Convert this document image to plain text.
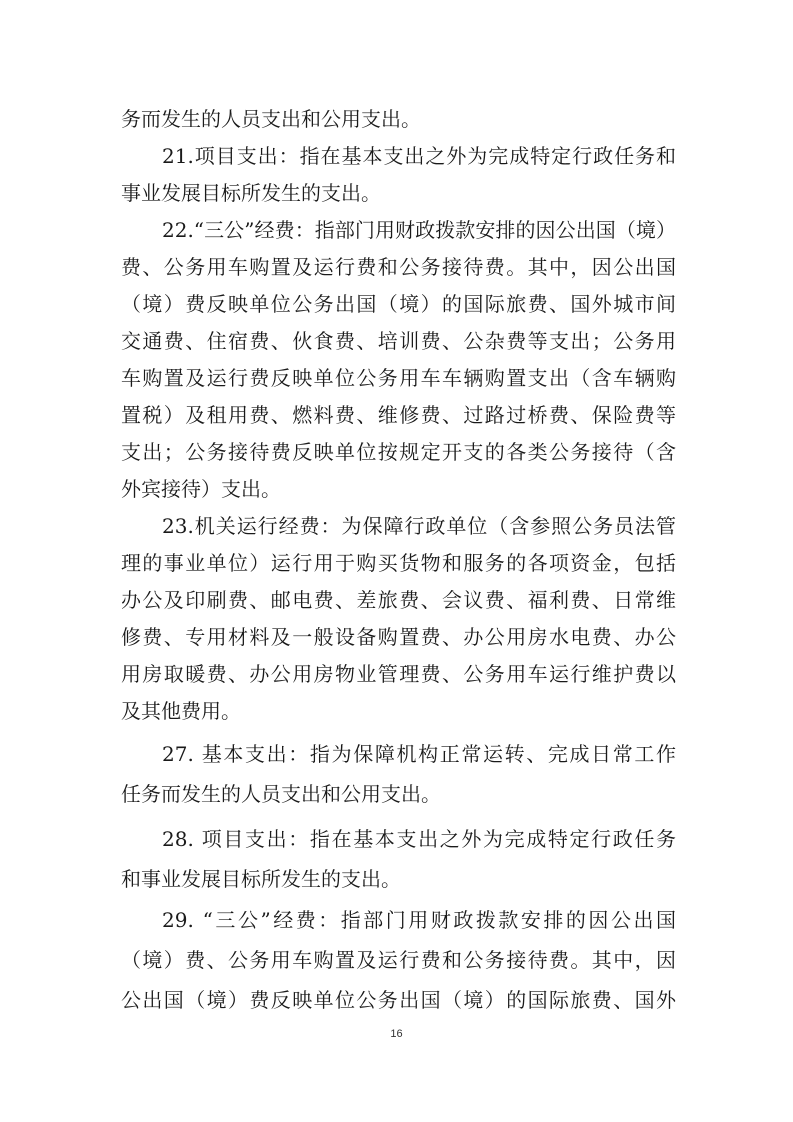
务而发生的人员支出和公用支出。
21.项目支出：指在基本支出之外为完成特定行政任务和
事业发展目标所发生的支出。
22.“三公”经费：指部门用财政拨款安排的因公出国（境）
费、公务用车购置及运行费和公务接待费。其中，因公出国
（境）费反映单位公务出国（境）的国际旅费、国外城市间
交通费、住宿费、伙食费、培训费、公杂费等支出；公务用
车购置及运行费反映单位公务用车车辆购置支出（含车辆购
置税）及租用费、燃料费、维修费、过路过桥费、保险费等
支出；公务接待费反映单位按规定开支的各类公务接待（含
外宾接待）支出。
23.机关运行经费：为保障行政单位（含参照公务员法管
理的事业单位）运行用于购买货物和服务的各项资金，包括
办公及印刷费、邮电费、差旅费、会议费、福利费、日常维
修费、专用材料及一般设备购置费、办公用房水电费、办公
用房取暖费、办公用房物业管理费、公务用车运行维护费以
及其他费用。
27. 基本支出：指为保障机构正常运转、完成日常工作
任务而发生的人员支出和公用支出。
28. 项目支出：指在基本支出之外为完成特定行政任务
和事业发展目标所发生的支出。
29. “三公”经费：指部门用财政拨款安排的因公出国
（境）费、公务用车购置及运行费和公务接待费。其中，因
公出国（境）费反映单位公务出国（境）的国际旅费、国外
16
